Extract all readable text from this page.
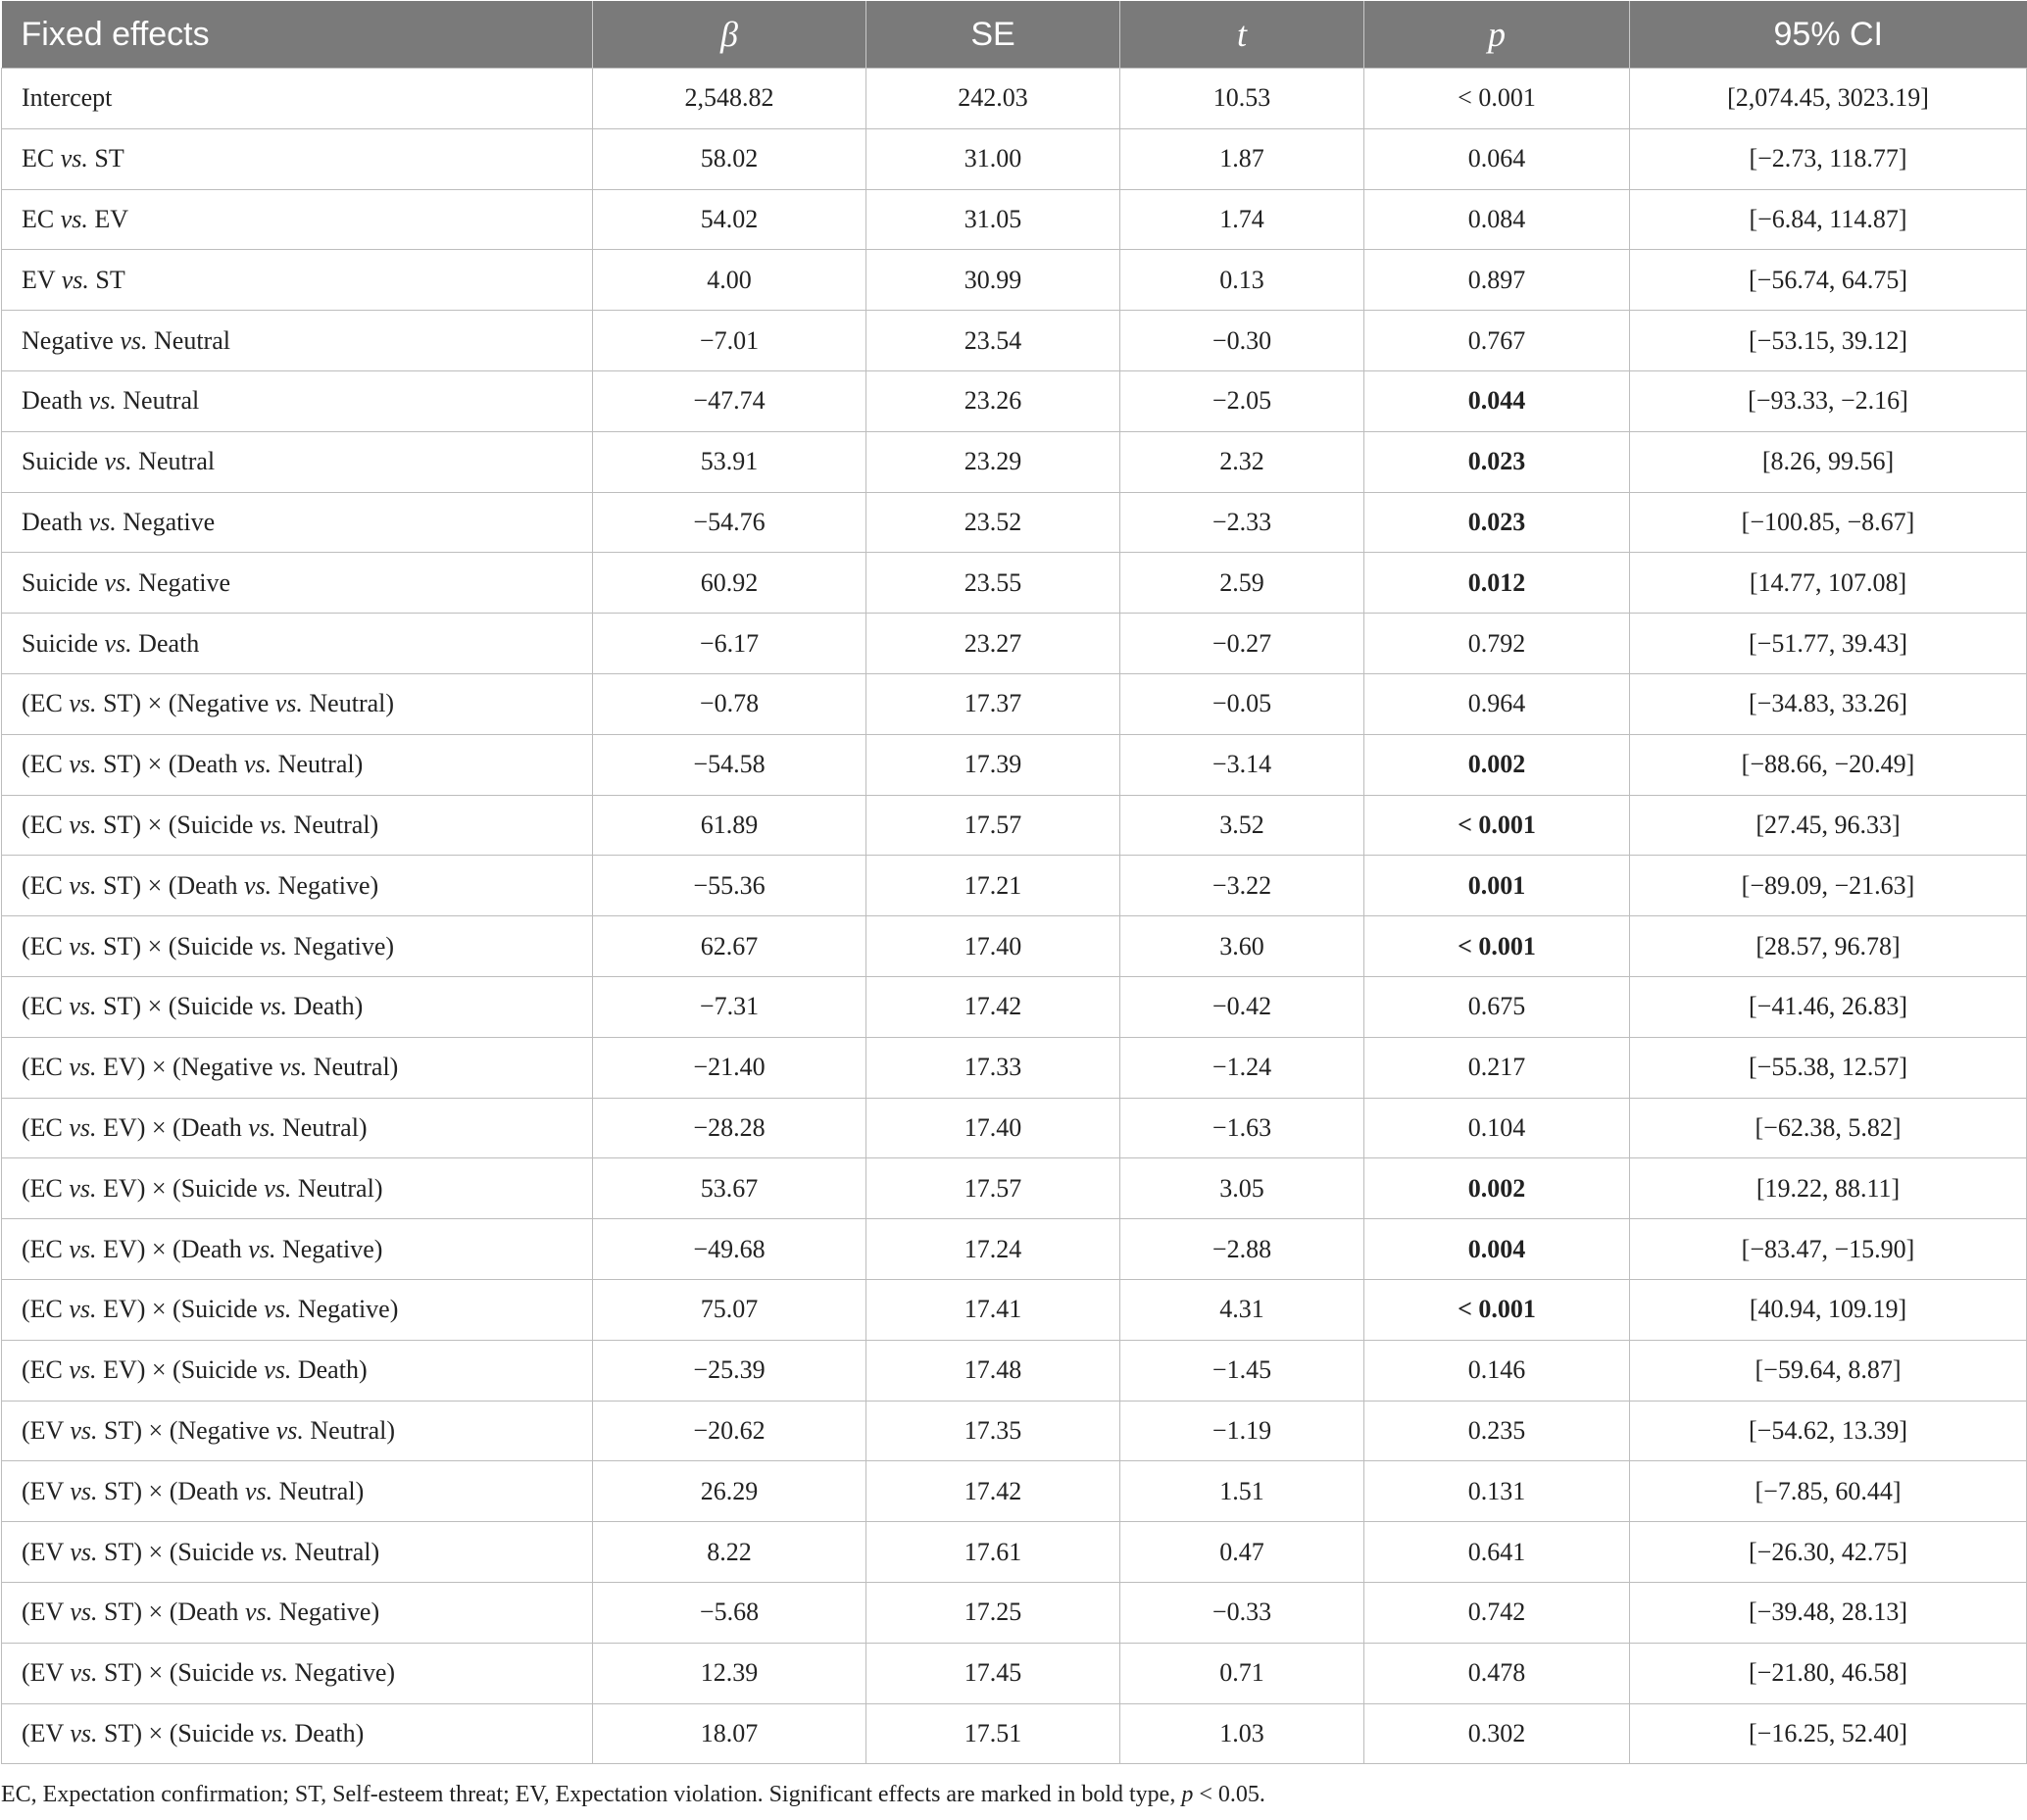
Fixed effects	β	SE	t	p	95% CI
Intercept	2,548.82	242.03	10.53	< 0.001	[2,074.45, 3023.19]
EC vs. ST	58.02	31.00	1.87	0.064	[−2.73, 118.77]
EC vs. EV	54.02	31.05	1.74	0.084	[−6.84, 114.87]
EV vs. ST	4.00	30.99	0.13	0.897	[−56.74, 64.75]
Negative vs. Neutral	−7.01	23.54	−0.30	0.767	[−53.15, 39.12]
Death vs. Neutral	−47.74	23.26	−2.05	0.044	[−93.33, −2.16]
Suicide vs. Neutral	53.91	23.29	2.32	0.023	[8.26, 99.56]
Death vs. Negative	−54.76	23.52	−2.33	0.023	[−100.85, −8.67]
Suicide vs. Negative	60.92	23.55	2.59	0.012	[14.77, 107.08]
Suicide vs. Death	−6.17	23.27	−0.27	0.792	[−51.77, 39.43]
(EC vs. ST) × (Negative vs. Neutral)	−0.78	17.37	−0.05	0.964	[−34.83, 33.26]
(EC vs. ST) × (Death vs. Neutral)	−54.58	17.39	−3.14	0.002	[−88.66, −20.49]
(EC vs. ST) × (Suicide vs. Neutral)	61.89	17.57	3.52	< 0.001	[27.45, 96.33]
(EC vs. ST) × (Death vs. Negative)	−55.36	17.21	−3.22	0.001	[−89.09, −21.63]
(EC vs. ST) × (Suicide vs. Negative)	62.67	17.40	3.60	< 0.001	[28.57, 96.78]
(EC vs. ST) × (Suicide vs. Death)	−7.31	17.42	−0.42	0.675	[−41.46, 26.83]
(EC vs. EV) × (Negative vs. Neutral)	−21.40	17.33	−1.24	0.217	[−55.38, 12.57]
(EC vs. EV) × (Death vs. Neutral)	−28.28	17.40	−1.63	0.104	[−62.38, 5.82]
(EC vs. EV) × (Suicide vs. Neutral)	53.67	17.57	3.05	0.002	[19.22, 88.11]
(EC vs. EV) × (Death vs. Negative)	−49.68	17.24	−2.88	0.004	[−83.47, −15.90]
(EC vs. EV) × (Suicide vs. Negative)	75.07	17.41	4.31	< 0.001	[40.94, 109.19]
(EC vs. EV) × (Suicide vs. Death)	−25.39	17.48	−1.45	0.146	[−59.64, 8.87]
(EV vs. ST) × (Negative vs. Neutral)	−20.62	17.35	−1.19	0.235	[−54.62, 13.39]
(EV vs. ST) × (Death vs. Neutral)	26.29	17.42	1.51	0.131	[−7.85, 60.44]
(EV vs. ST) × (Suicide vs. Neutral)	8.22	17.61	0.47	0.641	[−26.30, 42.75]
(EV vs. ST) × (Death vs. Negative)	−5.68	17.25	−0.33	0.742	[−39.48, 28.13]
(EV vs. ST) × (Suicide vs. Negative)	12.39	17.45	0.71	0.478	[−21.80, 46.58]
(EV vs. ST) × (Suicide vs. Death)	18.07	17.51	1.03	0.302	[−16.25, 52.40]
EC, Expectation confirmation; ST, Self-esteem threat; EV, Expectation violation. Significant effects are marked in bold type, p < 0.05.
